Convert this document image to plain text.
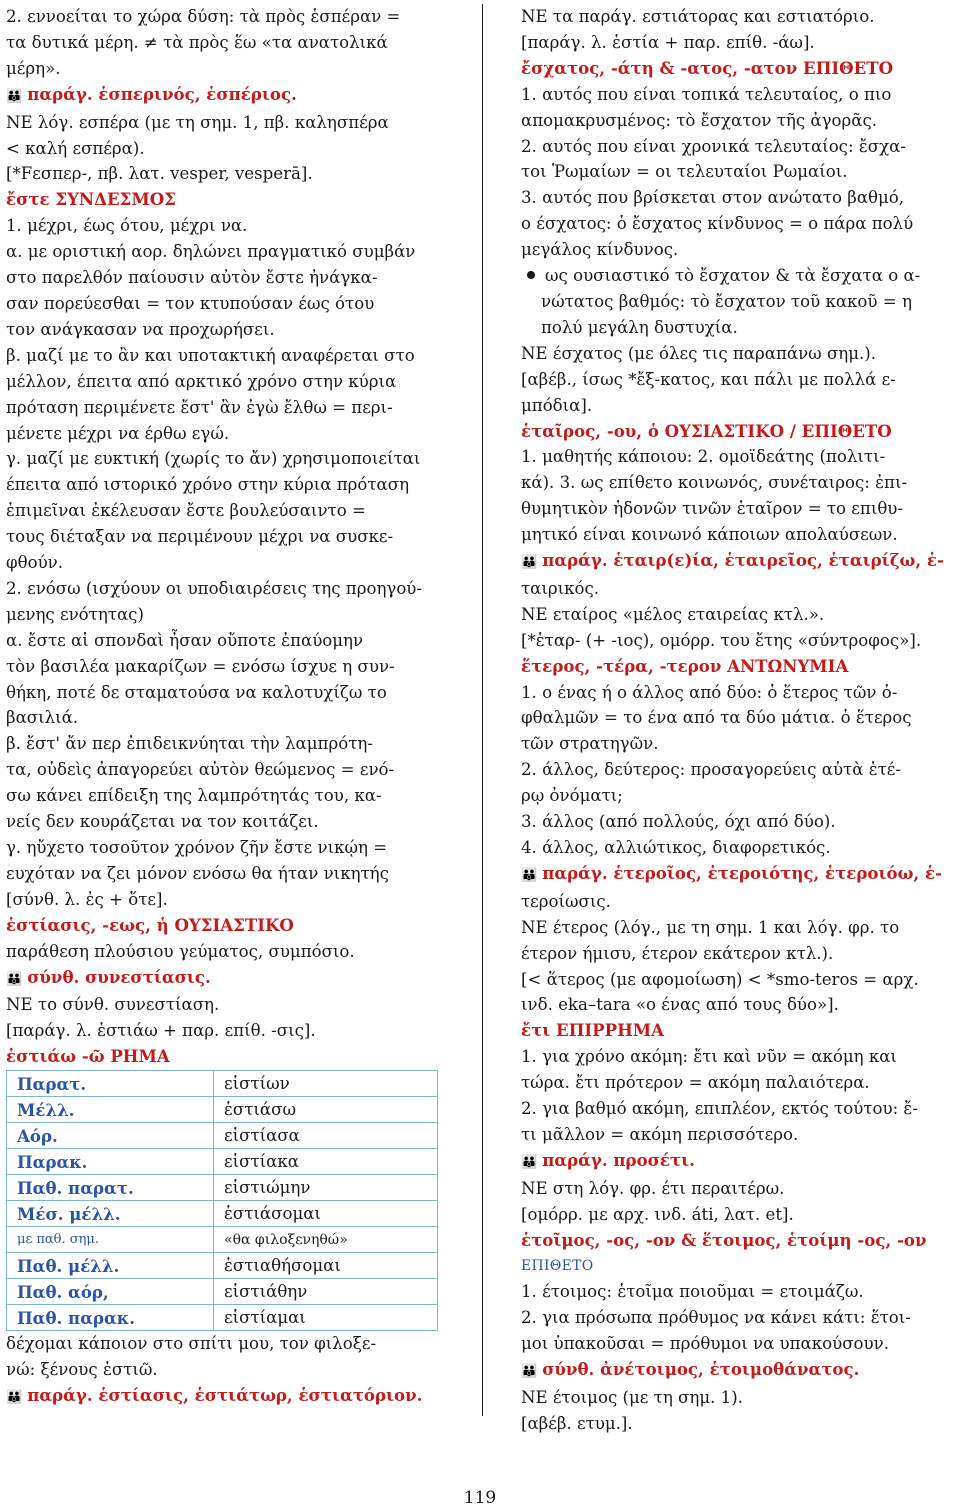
2. εννοείται το χώρα δύση: τὰ πρὸς ἑσπέραν =
τα δυτικά μέρη. ≠ τὰ πρὸς ἕω «τα ανατολικά
μέρη».
👪 παράγ. ἑσπερινός, ἑσπέριος.
ΝΕ λόγ. εσπέρα (με τη σημ. 1, πβ. καλησπέρα
< καλή εσπέρα).
[*Fεσπερ-, πβ. λατ. vesper, vesperā].
ἔστε ΣΥΝΔΕΣΜΟΣ
1. μέχρι, έως ότου, μέχρι να.
α. με οριστική αορ. δηλώνει πραγματικό συμβάν
στο παρελθόν παίουσιν αὐτὸν ἔστε ἠνάγκα-
σαν πορεύεσθαι = τον κτυπούσαν έως ότου
τον ανάγκασαν να προχωρήσει.
β. μαζί με το ἂν και υποτακτική αναφέρεται στο
μέλλον, έπειτα από αρκτικό χρόνο στην κύρια
πρόταση περιμένετε ἔστ' ἂν ἐγὼ ἔλθω = περι-
μένετε μέχρι να έρθω εγώ.
γ. μαζί με ευκτική (χωρίς το ἄν) χρησιμοποιείται
έπειτα από ιστορικό χρόνο στην κύρια πρόταση
ἐπιμεῖναι ἐκέλευσαν ἔστε βουλεύσαιντο =
τους διέταξαν να περιμένουν μέχρι να συσκε-
φθούν.
2. ενόσω (ισχύουν οι υποδιαιρέσεις της προηγού-
μενης ενότητας)
α. ἔστε αἱ σπονδαὶ ἦσαν οὔποτε ἐπαύομην
τὸν βασιλέα μακαρίζων = ενόσω ίσχυε η συν-
θήκη, ποτέ δε σταματούσα να καλοτυχίζω το
βασιλιά.
β. ἔστ' ἄν περ ἐπιδεικνύηται τὴν λαμπρότη-
τα, οὐδεὶς ἀπαγορεύει αὐτὸν θεώμενος = ενό-
σω κάνει επίδειξη της λαμπρότητάς του, κα-
νείς δεν κουράζεται να τον κοιτάζει.
γ. ηὔχετο τοσοῦτον χρόνον ζῆν ἔστε νικῴη =
ευχόταν να ζει μόνον ενόσω θα ήταν νικητής
[σύνθ. λ. ἐς + ὅτε].
ἑστίασις, -εως, ἡ ΟΥΣΙΑΣΤΙΚΟ
παράθεση πλούσιου γεύματος, συμπόσιο.
👪 σύνθ. συνεστίασις.
ΝΕ το σύνθ. συνεστίαση.
[παράγ. λ. ἑστιάω + παρ. επίθ. -σις].
ἑστιάω -ῶ ΡΗΜΑ
Παρατ.	εἱστίων
Μέλλ.	ἑστιάσω
Αόρ.	εἱστίασα
Παρακ.	εἱστίακα
Παθ. παρατ.	εἱστιώμην
Μέσ. μέλλ.	ἑστιάσομαι
με παθ. σημ.	«θα φιλοξενηθώ»
Παθ. μέλλ.	ἑστιαθήσομαι
Παθ. αόρ,	εἱστιάθην
Παθ. παρακ.	εἱστίαμαι
δέχομαι κάποιον στο σπίτι μου, τον φιλοξε-
νώ: ξένους ἑστιῶ.
👪 παράγ. ἑστίασις, ἑστιάτωρ, ἑστιατόριον.
ΝΕ τα παράγ. εστιάτορας και εστιατόριο.
[παράγ. λ. ἑστία + παρ. επίθ. -άω].
ἔσχατος, -άτη & -ατος, -ατον ΕΠΙΘΕΤΟ
1. αυτός που είναι τοπικά τελευταίος, ο πιο
απομακρυσμένος: τὸ ἔσχατον τῆς ἀγορᾶς.
2. αυτός που είναι χρονικά τελευταίος: ἔσχα-
τοι Ῥωμαίων = οι τελευταίοι Ρωμαίοι.
3. αυτός που βρίσκεται στον ανώτατο βαθμό,
ο έσχατος: ὁ ἔσχατος κίνδυνος = ο πάρα πολύ
μεγάλος κίνδυνος.
ως ουσιαστικό τὸ ἔσχατον & τὰ ἔσχατα ο α-
νώτατος βαθμός: τὸ ἔσχατον τοῦ κακοῦ = η
πολύ μεγάλη δυστυχία.
ΝΕ έσχατος (με όλες τις παραπάνω σημ.).
[αβέβ., ίσως *ἔξ-κατος, και πάλι με πολλά ε-
μπόδια].
ἑταῖρος, -ου, ὁ ΟΥΣΙΑΣΤΙΚΟ / ΕΠΙΘΕΤΟ
1. μαθητής κάποιου: 2. ομοϊδεάτης (πολιτι-
κά). 3. ως επίθετο κοινωνός, συνέταιρος: ἐπι-
θυμητικὸν ἡδονῶν τινῶν ἑταῖρον = το επιθυ-
μητικό είναι κοινωνό κάποιων απολαύσεων.
👪 παράγ. ἑταιρ(ε)ία, ἑταιρεῖος, ἑταιρίζω, ἑ-
ταιρικός.
ΝΕ εταίρος «μέλος εταιρείας κτλ.».
[*ἑταρ- (+ -ιος), ομόρρ. του ἔτης «σύντροφος»].
ἕτερος, -τέρα, -τερον ΑΝΤΩΝΥΜΙΑ
1. ο ένας ή ο άλλος από δύο: ὁ ἕτερος τῶν ὀ-
φθαλμῶν = το ένα από τα δύο μάτια. ὁ ἕτερος
τῶν στρατηγῶν.
2. άλλος, δεύτερος: προσαγορεύεις αὐτὰ ἑτέ-
ρῳ ὀνόματι;
3. άλλος (από πολλούς, όχι από δύο).
4. άλλος, αλλιώτικος, διαφορετικός.
👪 παράγ. ἑτεροῖος, ἑτεροιότης, ἑτεροιόω, ἑ-
τεροίωσις.
ΝΕ έτερος (λόγ., με τη σημ. 1 και λόγ. φρ. το
έτερον ήμισυ, έτερον εκάτερον κτλ.).
[< ἅτερος (με αφομοίωση) < *smo-teros = αρχ.
ινδ. eka–tara «ο ένας από τους δύο»].
ἔτι ΕΠΙΡΡΗΜΑ
1. για χρόνο ακόμη: ἔτι καὶ νῦν = ακόμη και
τώρα. ἔτι πρότερον = ακόμη παλαιότερα.
2. για βαθμό ακόμη, επιπλέον, εκτός τούτου: ἔ-
τι μᾶλλον = ακόμη περισσότερο.
👪 παράγ. προσέτι.
ΝΕ στη λόγ. φρ. έτι περαιτέρω.
[ομόρρ. με αρχ. ινδ. áti, λατ. et].
ἑτοῖμος, -ος, -ον & ἕτοιμος, ἑτοίμη -ος, -ον
ΕΠΙΘΕΤΟ
1. έτοιμος: ἑτοῖμα ποιοῦμαι = ετοιμάζω.
2. για πρόσωπα πρόθυμος να κάνει κάτι: ἕτοι-
μοι ὑπακοῦσαι = πρόθυμοι να υπακούσουν.
👪 σύνθ. ἀνέτοιμος, ἑτοιμοθάνατος.
ΝΕ έτοιμος (με τη σημ. 1).
[αβέβ. ετυμ.].
119
